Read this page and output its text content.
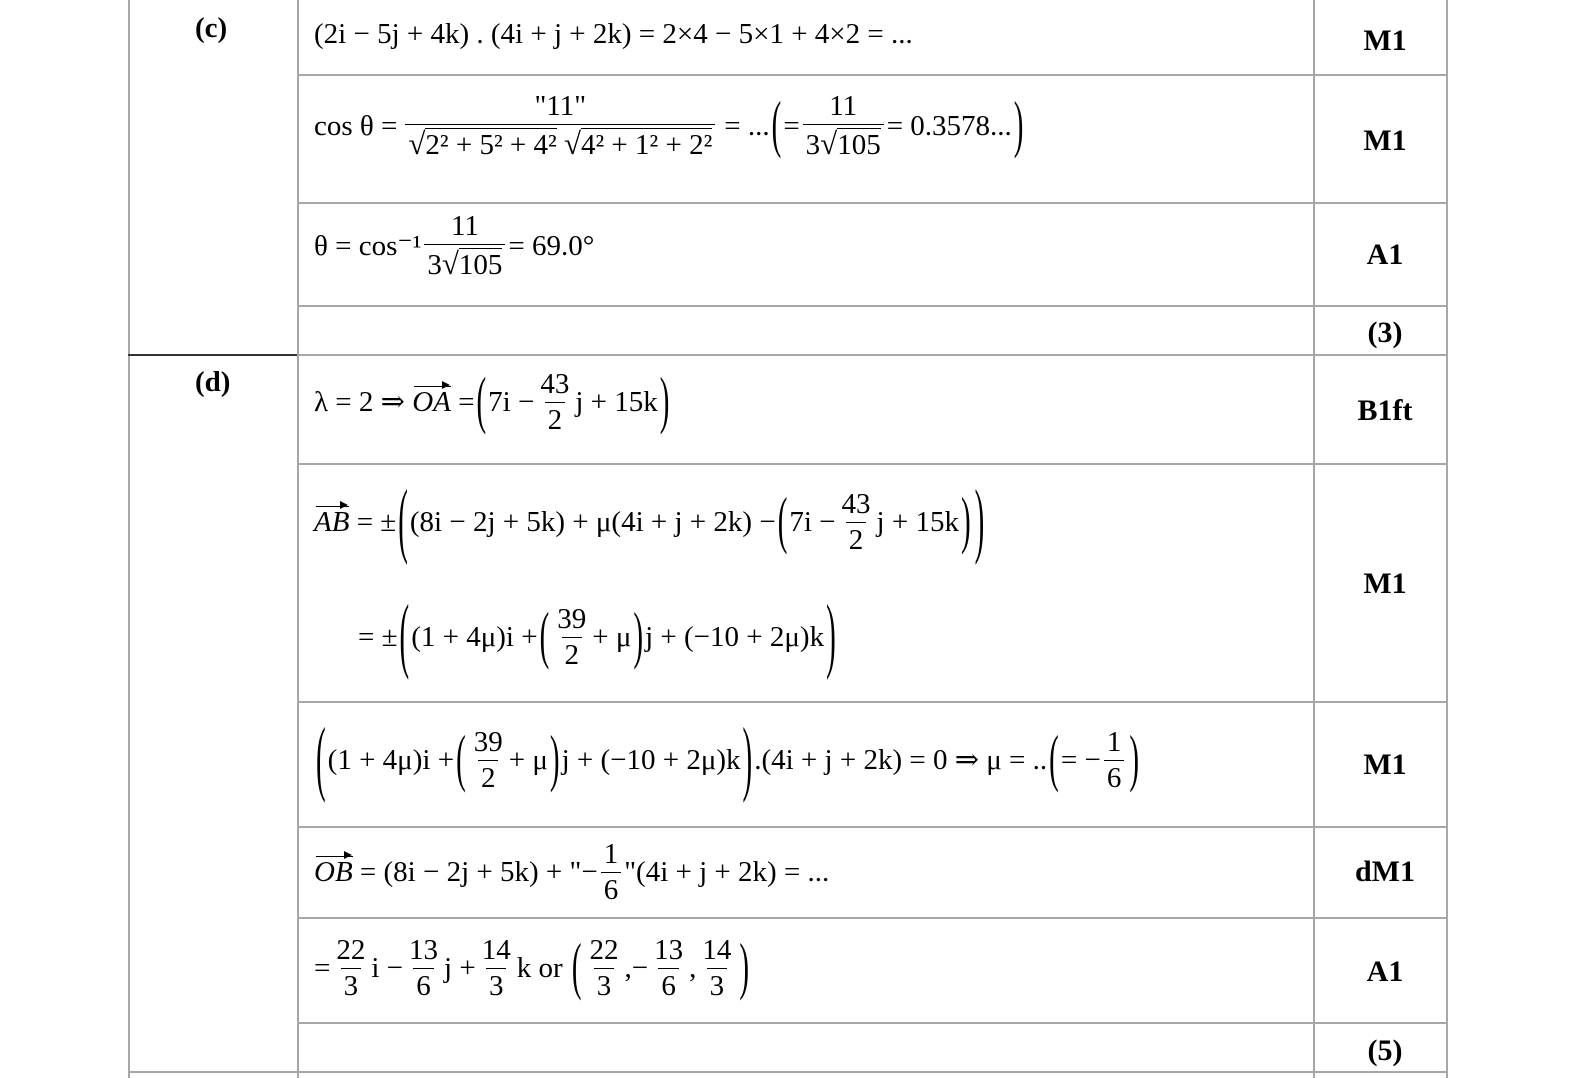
(c)
(d)
M1
M1
A1
(3)
B1ft
M1
M1
dM1
A1
(5)
(2i − 5j + 4k) . (4i + j + 2k)
= 2×4 − 5×1 + 4×2 = ...
cos θ = "11"
√ 2² + 5² + 4²
√ 4² + 1² + 2² = ... ( = $\frac{11}{3 √ 105} = 0.3578$... )
$\theta = \cos^{-1} \frac{11}{3 √ 105} = 69.0^\circ$
λ = 2 ⇒
OA
= ( $7i - \frac{43}{2}$ j + 15k )
AB
= ± ( (8i − 2j + 5k) + μ(4i + j + 2k) − ( $7i - \frac{43}{2}$ j + 15k ) )
= ± ( (1 + 4μ)i + ( $\frac{39}{2} + \mu$ ) j + (−10 + 2μ)k )
( (1 + 4μ)i + ( $\frac{39}{2} + \mu$ ) j + (−10 + 2μ)k ) .(4i + j + 2k) = 0 ⇒ μ = .. ( = − $\frac{1}{6}$ )
OB
= (8i − 2j + 5k) + "− $\frac{1}{6}$ "(4i + j + 2k) = ...
= $\frac{22}{3}$ $i - \frac{13}{6}$ $j + \frac{14}{3}$ k or
( $\frac{22}{3}$ ,− $\frac{13}{6}$ , $\frac{14}{3}$ )
